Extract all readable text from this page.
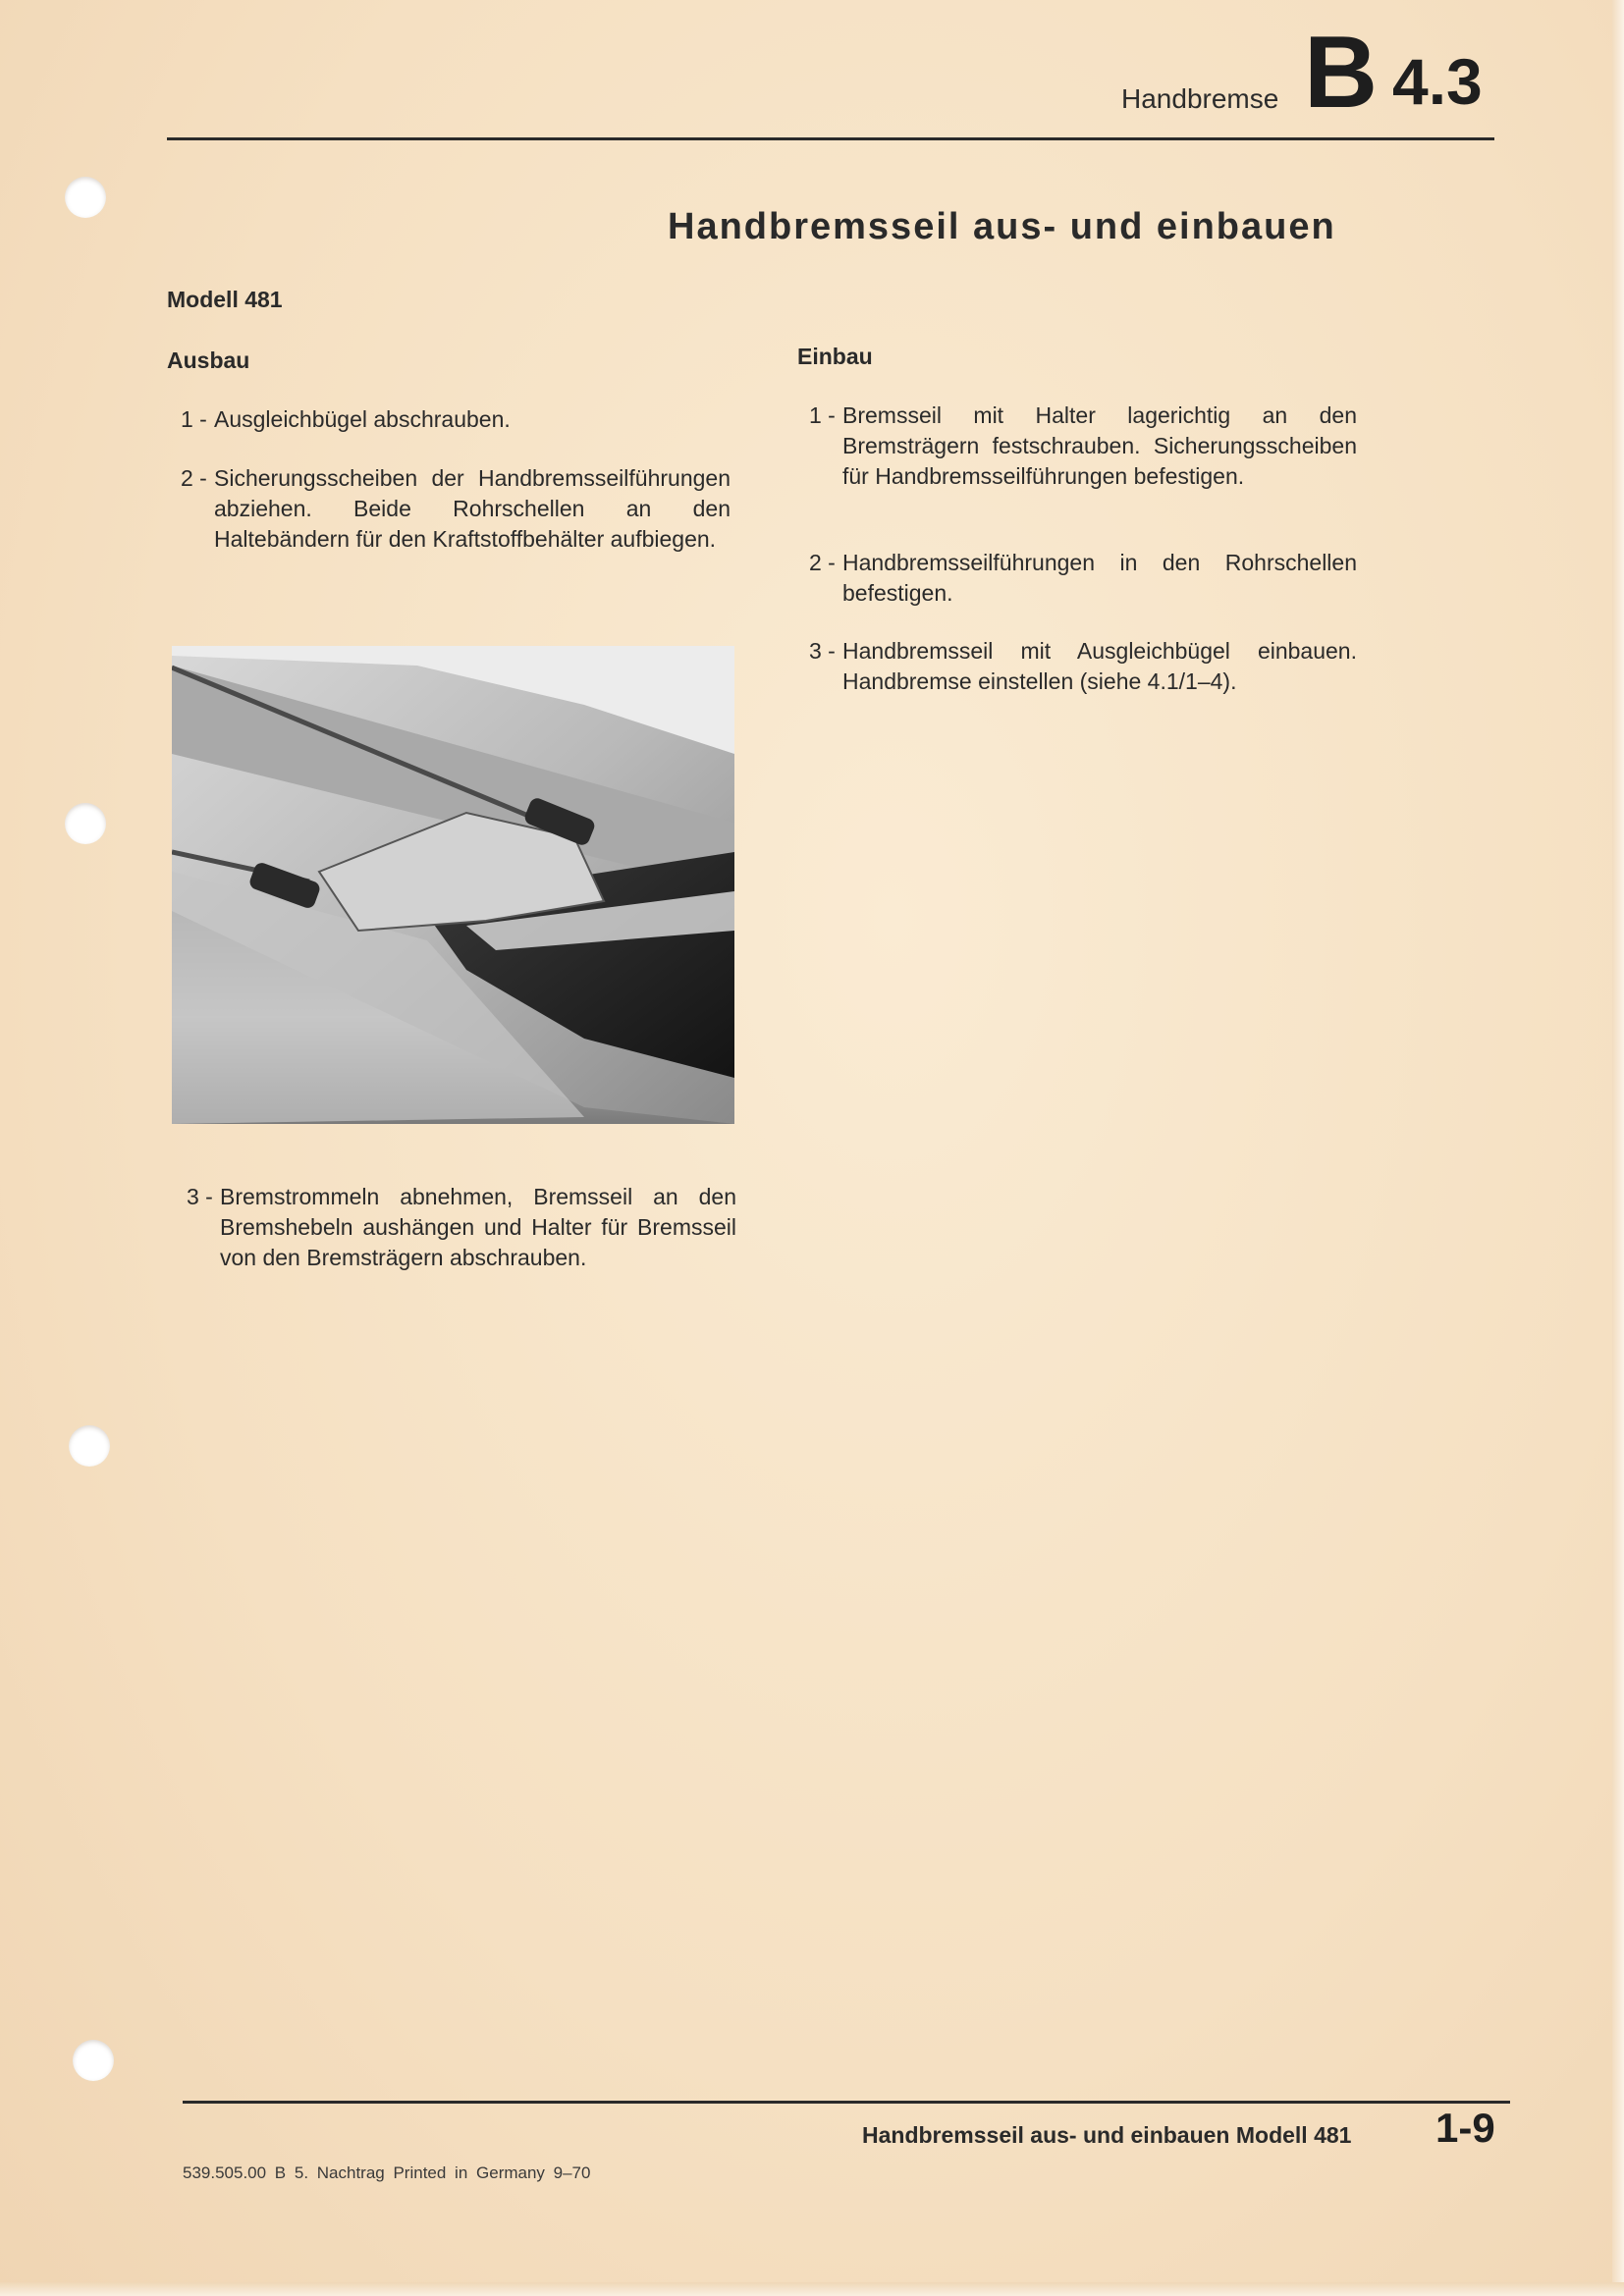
Handbremse B 4.3
Handbremsseil aus- und einbauen
Modell 481
Ausbau
1 - Ausgleichbügel abschrauben.
2 - Sicherungsscheiben der Handbremsseilführungen abziehen. Beide Rohrschellen an den Haltebändern für den Kraftstoffbehälter aufbiegen.
3 - Bremstrommeln abnehmen, Bremsseil an den Bremshebeln aushängen und Halter für Bremsseil von den Bremsträgern abschrauben.
Einbau
1 - Bremsseil mit Halter lagerichtig an den Bremsträgern festschrauben. Sicherungsscheiben für Handbremsseilführungen befestigen.
2 - Handbremsseilführungen in den Rohrschellen befestigen.
3 - Handbremsseil mit Ausgleichbügel einbauen. Handbremse einstellen (siehe 4.1/1–4).
Handbremsseil aus- und einbauen Modell 481 1-9
539.505.00 B 5. Nachtrag Printed in Germany 9–70
